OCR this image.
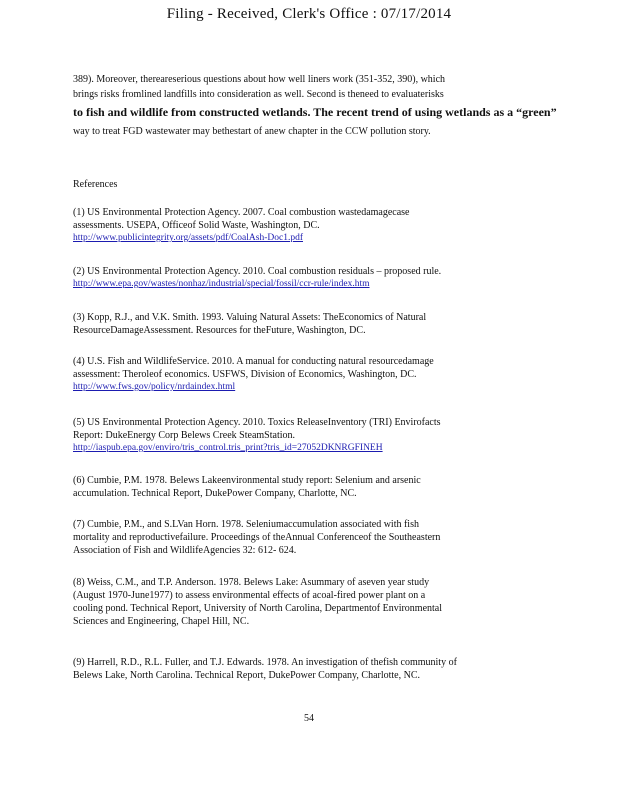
Filing - Received, Clerk's Office : 07/17/2014
389). Moreover, thereareserious questions about how well liners work (351-352, 390), which
brings risks fromlined landfills into consideration as well. Second is theneed to evaluaterisks
to fish and wildlife from constructed wetlands. The recent trend of using wetlands as a “green”
way to treat FGD wastewater may bethestart of anew chapter in the CCW pollution story.
References
(1) US Environmental Protection Agency. 2007. Coal combustion wastedamagecase
assessments. USEPA, Officeof Solid Waste, Washington, DC.
http://www.publicintegrity.org/assets/pdf/CoalAsh-Doc1.pdf
(2) US Environmental Protection Agency. 2010. Coal combustion residuals – proposed rule.
http://www.epa.gov/wastes/nonhaz/industrial/special/fossil/ccr-rule/index.htm
(3) Kopp, R.J., and V.K. Smith. 1993. Valuing Natural Assets: TheEconomics of Natural
ResourceDamageAssessment. Resources for theFuture, Washington, DC.
(4) U.S. Fish and WildlifeService. 2010. A manual for conducting natural resourcedamage
assessment: Theroleof economics. USFWS, Division of Economics, Washington, DC.
http://www.fws.gov/policy/nrdaindex.html
(5) US Environmental Protection Agency. 2010. Toxics ReleaseInventory (TRI) Envirofacts
Report: DukeEnergy Corp Belews Creek SteamStation.
http://iaspub.epa.gov/enviro/tris_control.tris_print?tris_id=27052DKNRGFINEH
(6) Cumbie, P.M. 1978. Belews Lakeenvironmental study report: Selenium and arsenic
accumulation. Technical Report, DukePower Company, Charlotte, NC.
(7) Cumbie, P.M., and S.LVan Horn. 1978. Seleniumaccumulation associated with fish
mortality and reproductivefailure. Proceedings of theAnnual Conferenceof the Southeastern
Association of Fish and WildlifeAgencies 32: 612- 624.
(8) Weiss, C.M., and T.P. Anderson. 1978. Belews Lake: Asummary of aseven year study
(August 1970-June1977) to assess environmental effects of acoal-fired power plant on a
cooling pond. Technical Report, University of North Carolina, Departmentof Environmental
Sciences and Engineering, Chapel Hill, NC.
(9) Harrell, R.D., R.L. Fuller, and T.J. Edwards. 1978. An investigation of thefish community of
Belews Lake, North Carolina. Technical Report, DukePower Company, Charlotte, NC.
54
